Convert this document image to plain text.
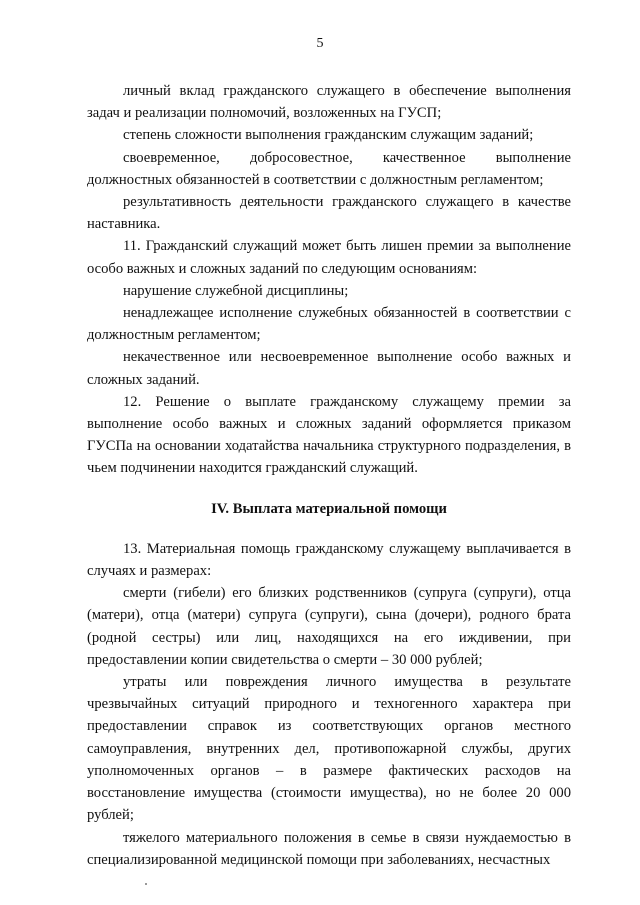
5

личный вклад гражданского служащего в обеспечение выполнения задач и реализации полномочий, возложенных на ГУСП;

степень сложности выполнения гражданским служащим заданий;

своевременное, добросовестное, качественное выполнение должностных обязанностей в соответствии с должностным регламентом;

результативность деятельности гражданского служащего в качестве наставника.

11. Гражданский служащий может быть лишен премии за выполнение особо важных и сложных заданий по следующим основаниям:

нарушение служебной дисциплины;

ненадлежащее исполнение служебных обязанностей в соответствии с должностным регламентом;

некачественное или несвоевременное выполнение особо важных и сложных заданий.

12. Решение о выплате гражданскому служащему премии за выполнение особо важных и сложных заданий оформляется приказом ГУСПа на основании ходатайства начальника структурного подразделения, в чьем подчинении находится гражданский служащий.

IV. Выплата материальной помощи

13. Материальная помощь гражданскому служащему выплачивается в случаях и размерах:

смерти (гибели) его близких родственников (супруга (супруги), отца (матери), отца (матери) супруга (супруги), сына (дочери), родного брата (родной сестры) или лиц, находящихся на его иждивении, при предоставлении копии свидетельства о смерти – 30 000 рублей;

утраты или повреждения личного имущества в результате чрезвычайных ситуаций природного и техногенного характера при предоставлении справок из соответствующих органов местного самоуправления, внутренних дел, противопожарной службы, других уполномоченных органов – в размере фактических расходов на восстановление имущества (стоимости имущества), но не более 20 000 рублей;

тяжелого материального положения в семье в связи нуждаемостью в специализированной медицинской помощи при заболеваниях, несчастных
